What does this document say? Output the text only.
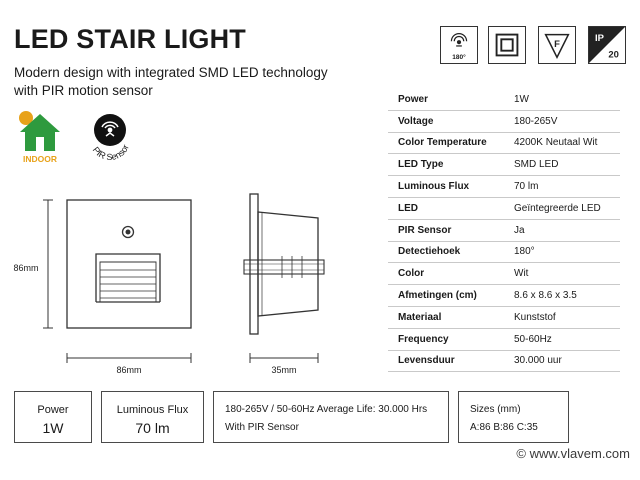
LED STAIR LIGHT
Modern design with integrated SMD LED technology
with PIR motion sensor
180°
F
IP
20
INDOOR
PIR Sensor
Power	1W
Voltage	180-265V
Color Temperature	4200K Neutaal Wit
LED Type	SMD LED
Luminous Flux	70 lm
LED	Geïntegreerde LED
PIR Sensor	Ja
Detectiehoek	180°
Color	Wit
Afmetingen (cm)	8.6 x 8.6 x 3.5
Materiaal	Kunststof
Frequency	50-60Hz
Levensduur	30.000 uur
86mm
86mm	35mm
Power
1W
Luminous Flux
70 lm
180-265V / 50-60Hz Average Life: 30.000 Hrs
With PIR Sensor
Sizes (mm)
A:86 B:86 C:35
© www.vlavem.com
